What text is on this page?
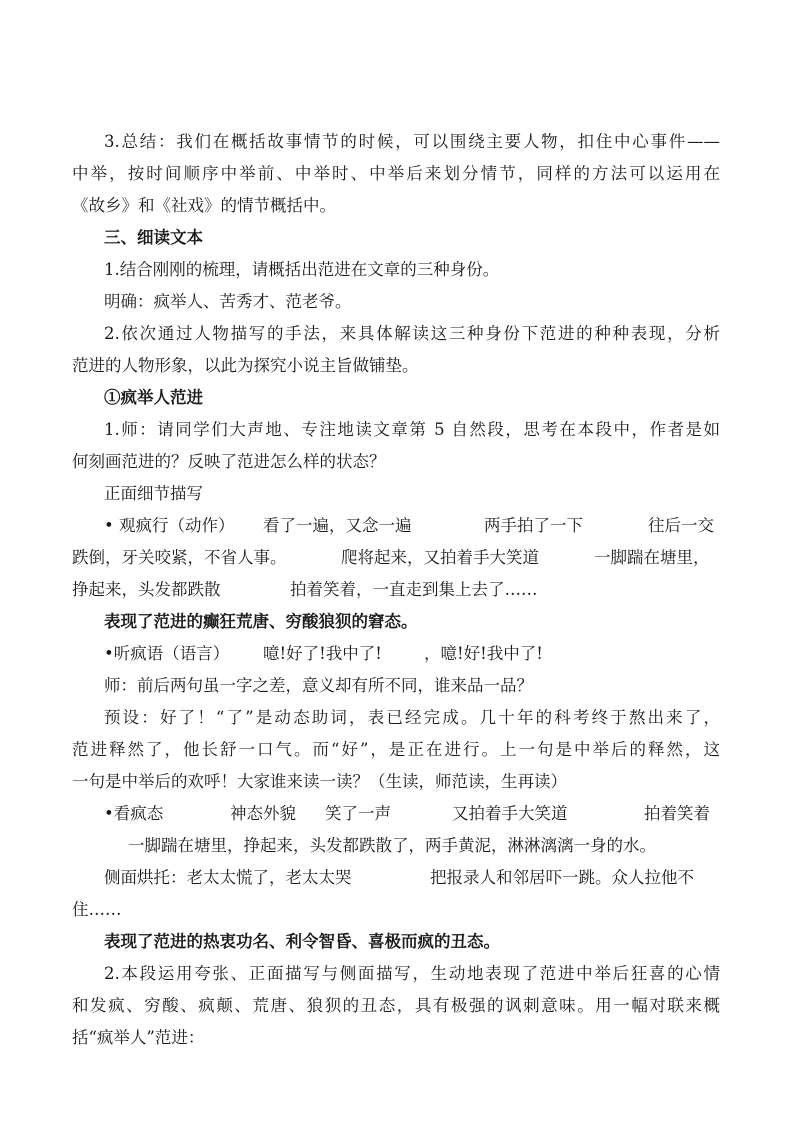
3.总结：我们在概括故事情节的时候，可以围绕主要人物，扣住中心事件——
中举，按时间顺序中举前、中举时、中举后来划分情节，同样的方法可以运用在
《故乡》和《社戏》的情节概括中。
三、细读文本
1.结合刚刚的梳理，请概括出范进在文章的三种身份。
明确：疯举人、苦秀才、范老爷。
2.依次通过人物描写的手法，来具体解读这三种身份下范进的种种表现，分析
范进的人物形象，以此为探究小说主旨做铺垫。
①疯举人范进
1.师：请同学们大声地、专注地读文章第 5 自然段，思考在本段中，作者是如
何刻画范进的？反映了范进怎么样的状态？
正面细节描写
• 观疯行（动作） 看了一遍，又念一遍	两手拍了一下	往后一交
跌倒，牙关咬紧，不省人事。	爬将起来，又拍着手大笑道	一脚踹在塘里，
挣起来，头发都跌散	拍着笑着，一直走到集上去了……
表现了范进的癫狂荒唐、穷酸狼狈的窘态。
•听疯语（语言） 噫!好了!我中了!	，噫!好!我中了!
师：前后两句虽一字之差，意义却有所不同，谁来品一品？
预设：好了！“了”是动态助词，表已经完成。几十年的科考终于熬出来了，
范进释然了，他长舒一口气。而“好”，是正在进行。上一句是中举后的释然，这
一句是中举后的欢呼！大家谁来读一读？（生读，师范读，生再读）
•看疯态	神态外貌 笑了一声	又拍着手大笑道	拍着笑着
一脚踹在塘里，挣起来，头发都跌散了，两手黄泥，淋淋漓漓一身的水。
侧面烘托：老太太慌了，老太太哭	把报录人和邻居吓一跳。众人拉他不
住……
表现了范进的热衷功名、利令智昏、喜极而疯的丑态。
2.本段运用夸张、正面描写与侧面描写，生动地表现了范进中举后狂喜的心情
和发疯、穷酸、疯颠、荒唐、狼狈的丑态，具有极强的讽刺意味。用一幅对联来概
括“疯举人”范进：
